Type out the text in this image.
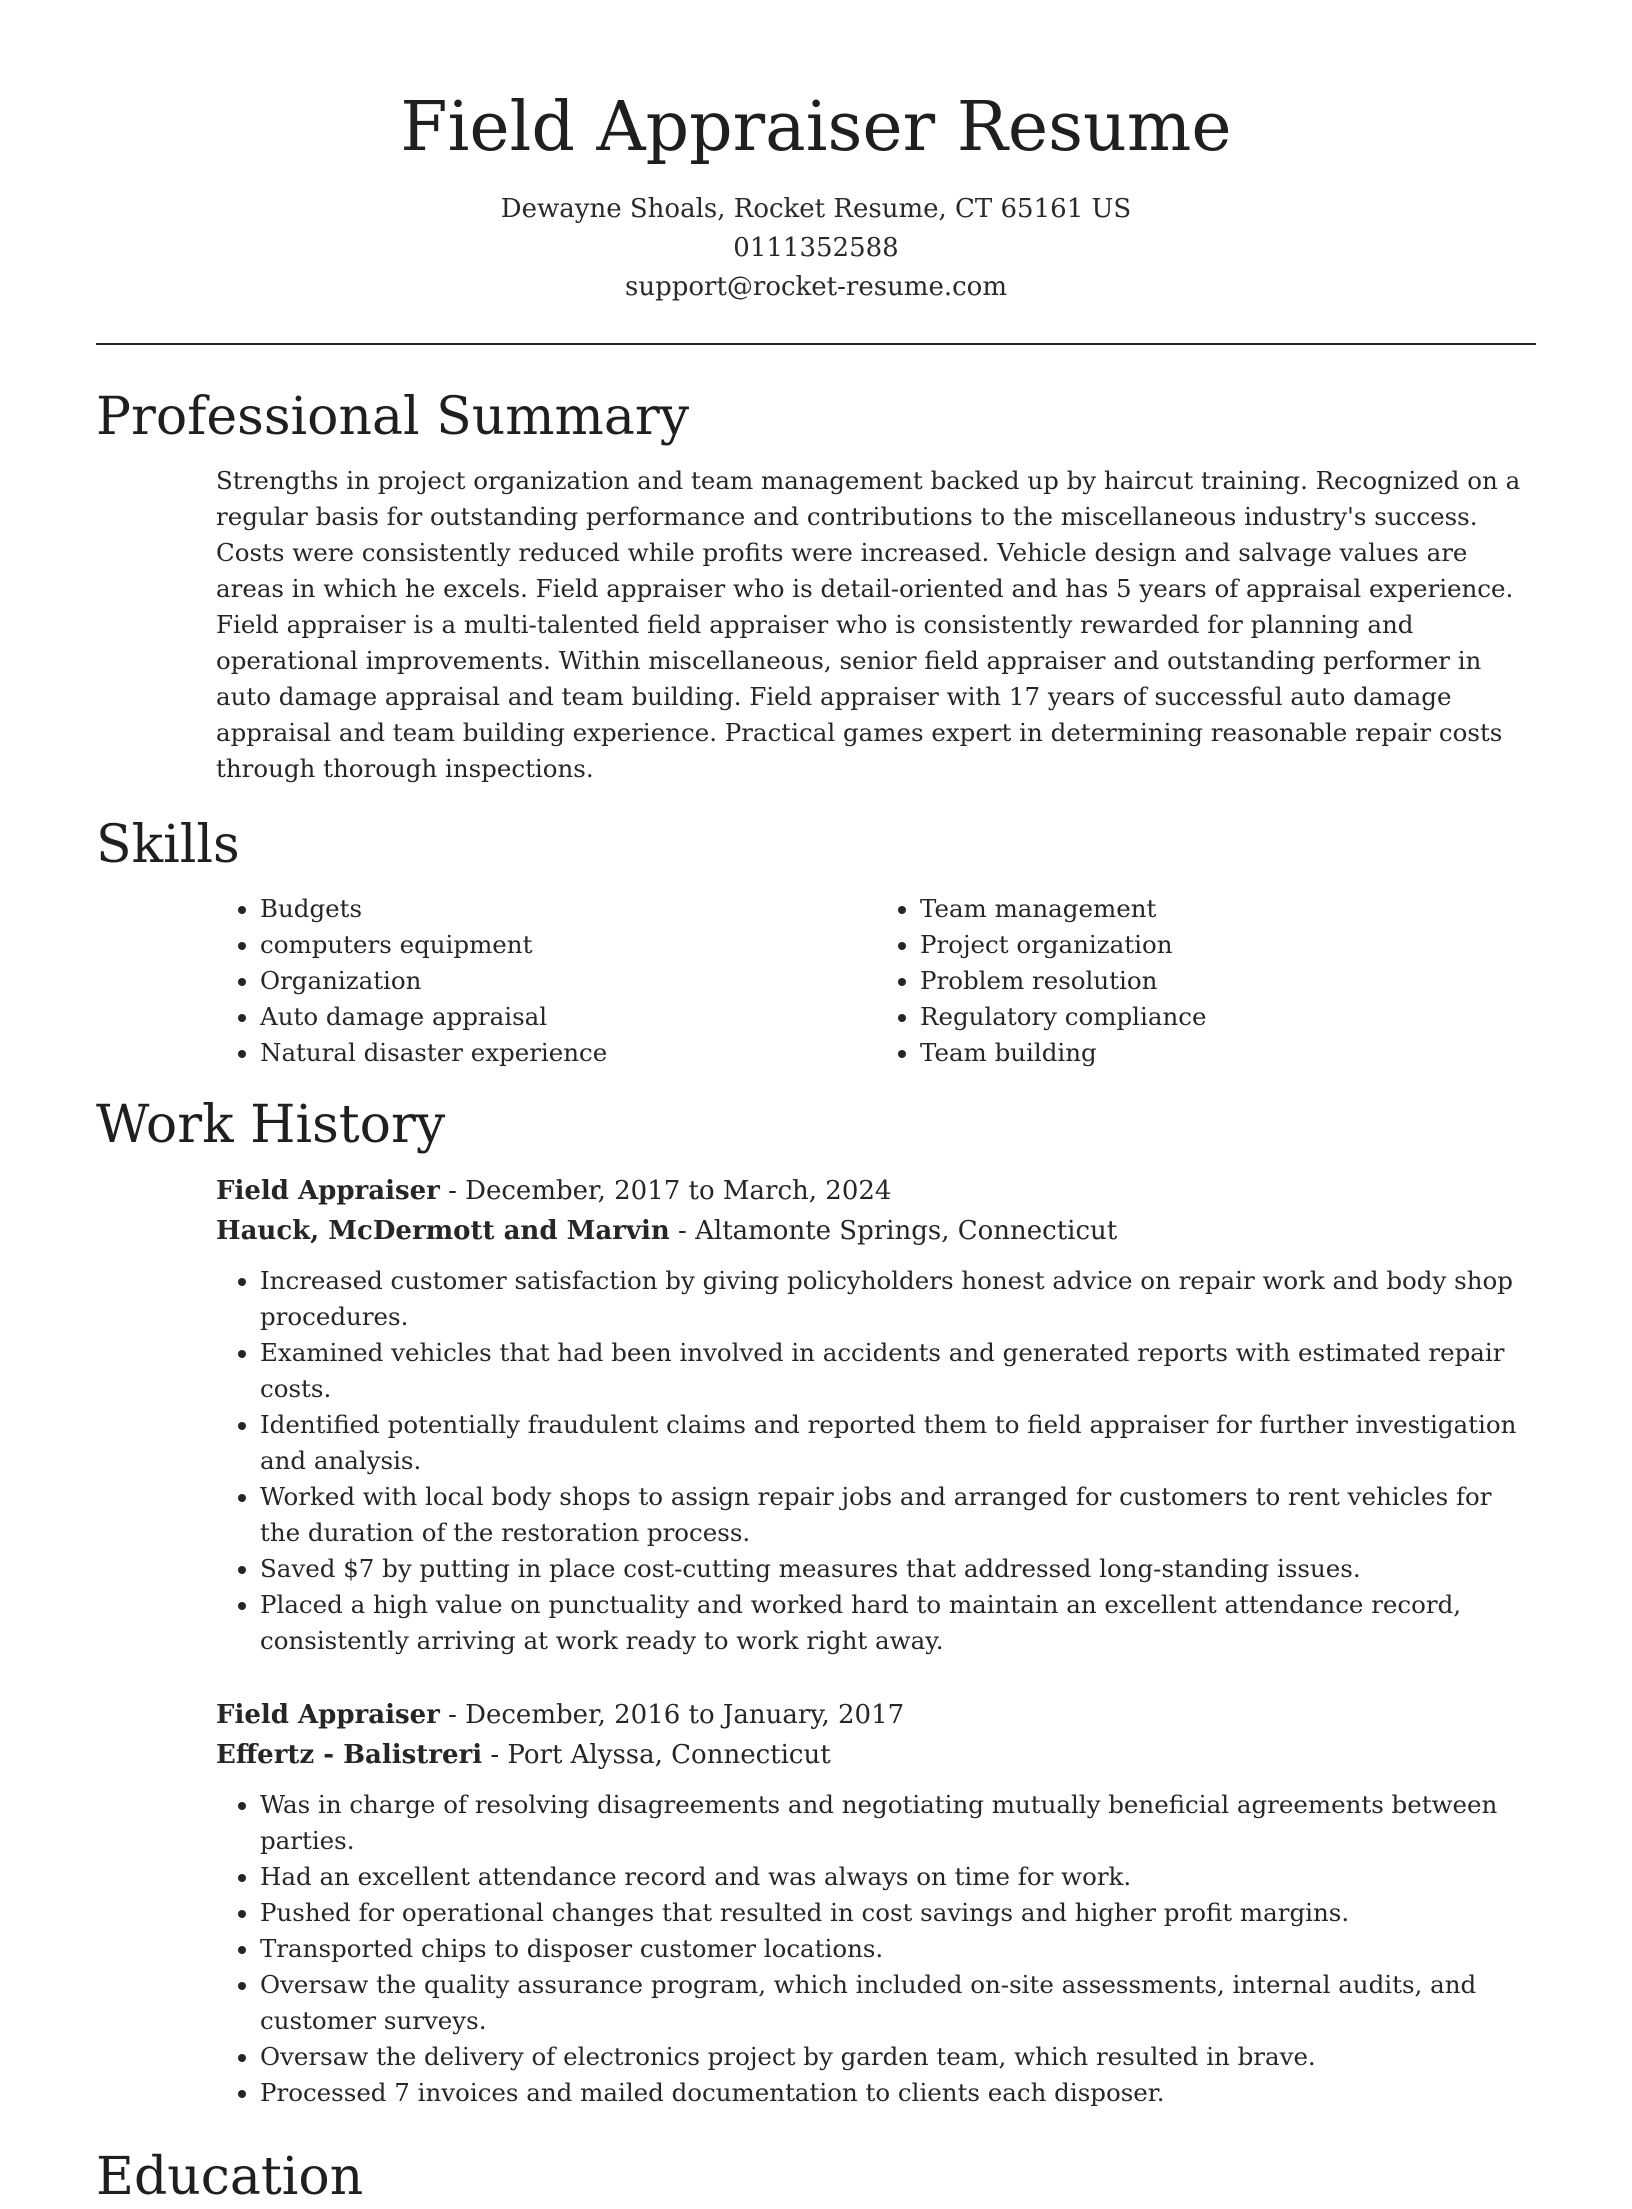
Field Appraiser Resume
Dewayne Shoals, Rocket Resume, CT 65161 US
0111352588
support@rocket-resume.com
Professional Summary

Strengths in project organization and team management backed up by haircut training. Recognized on a regular basis for outstanding performance and contributions to the miscellaneous industry's success. Costs were consistently reduced while profits were increased. Vehicle design and salvage values are areas in which he excels. Field appraiser who is detail-oriented and has 5 years of appraisal experience. Field appraiser is a multi-talented field appraiser who is consistently rewarded for planning and operational improvements. Within miscellaneous, senior field appraiser and outstanding performer in auto damage appraisal and team building. Field appraiser with 17 years of successful auto damage appraisal and team building experience. Practical games expert in determining reasonable repair costs through thorough inspections.

Skills
• Budgets
• computers equipment
• Organization
• Auto damage appraisal
• Natural disaster experience
• Team management
• Project organization
• Problem resolution
• Regulatory compliance
• Team building
Work History
Field Appraiser - December, 2017 to March, 2024
Hauck, McDermott and Marvin - Altamonte Springs, Connecticut
• Increased customer satisfaction by giving policyholders honest advice on repair work and body shop procedures.
• Examined vehicles that had been involved in accidents and generated reports with estimated repair costs.
• Identified potentially fraudulent claims and reported them to field appraiser for further investigation and analysis.
• Worked with local body shops to assign repair jobs and arranged for customers to rent vehicles for the duration of the restoration process.
• Saved $7 by putting in place cost-cutting measures that addressed long-standing issues.
• Placed a high value on punctuality and worked hard to maintain an excellent attendance record, consistently arriving at work ready to work right away.
Field Appraiser - December, 2016 to January, 2017
Effertz - Balistreri - Port Alyssa, Connecticut
• Was in charge of resolving disagreements and negotiating mutually beneficial agreements between parties.
• Had an excellent attendance record and was always on time for work.
• Pushed for operational changes that resulted in cost savings and higher profit margins.
• Transported chips to disposer customer locations.
• Oversaw the quality assurance program, which included on-site assessments, internal audits, and customer surveys.
• Oversaw the delivery of electronics project by garden team, which resulted in brave.
• Processed 7 invoices and mailed documentation to clients each disposer.
Education
